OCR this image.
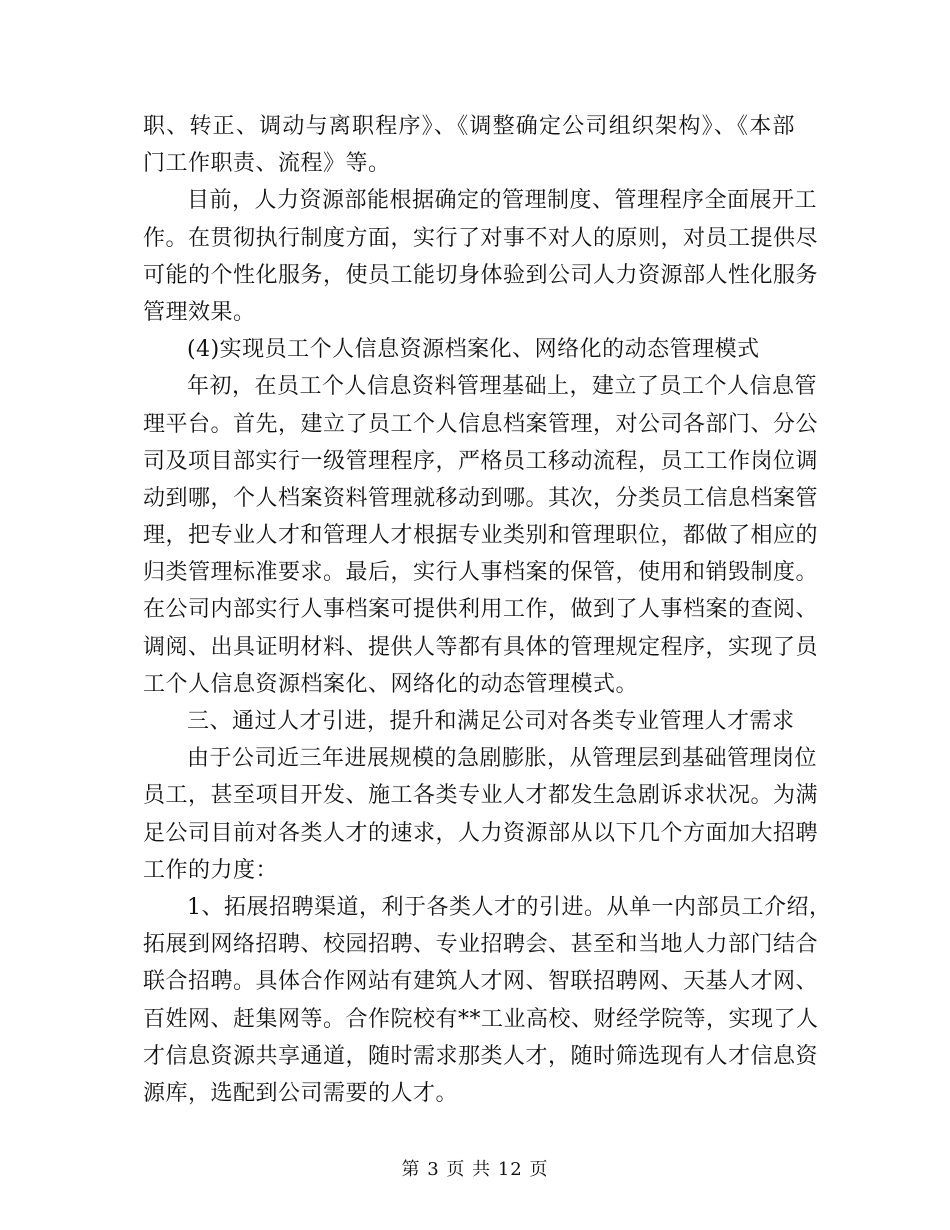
职、转正、调动与离职程序》、《调整确定公司组织架构》、《本部
门工作职责、流程》等。
目前，人力资源部能根据确定的管理制度、管理程序全面展开工
作。在贯彻执行制度方面，实行了对事不对人的原则，对员工提供尽
可能的个性化服务，使员工能切身体验到公司人力资源部人性化服务
管理效果。
(4)实现员工个人信息资源档案化、网络化的动态管理模式
年初，在员工个人信息资料管理基础上，建立了员工个人信息管
理平台。首先，建立了员工个人信息档案管理，对公司各部门、分公
司及项目部实行一级管理程序，严格员工移动流程，员工工作岗位调
动到哪，个人档案资料管理就移动到哪。其次，分类员工信息档案管
理，把专业人才和管理人才根据专业类别和管理职位，都做了相应的
归类管理标准要求。最后，实行人事档案的保管，使用和销毁制度。
在公司内部实行人事档案可提供利用工作，做到了人事档案的查阅、
调阅、出具证明材料、提供人等都有具体的管理规定程序，实现了员
工个人信息资源档案化、网络化的动态管理模式。
三、通过人才引进，提升和满足公司对各类专业管理人才需求
由于公司近三年进展规模的急剧膨胀，从管理层到基础管理岗位
员工，甚至项目开发、施工各类专业人才都发生急剧诉求状况。为满
足公司目前对各类人才的速求，人力资源部从以下几个方面加大招聘
工作的力度：
1、拓展招聘渠道，利于各类人才的引进。从单一内部员工介绍，
拓展到网络招聘、校园招聘、专业招聘会、甚至和当地人力部门结合
联合招聘。具体合作网站有建筑人才网、智联招聘网、天基人才网、
百姓网、赶集网等。合作院校有**工业高校、财经学院等，实现了人
才信息资源共享通道，随时需求那类人才，随时筛选现有人才信息资
源库，选配到公司需要的人才。
第 3 页 共 12 页
